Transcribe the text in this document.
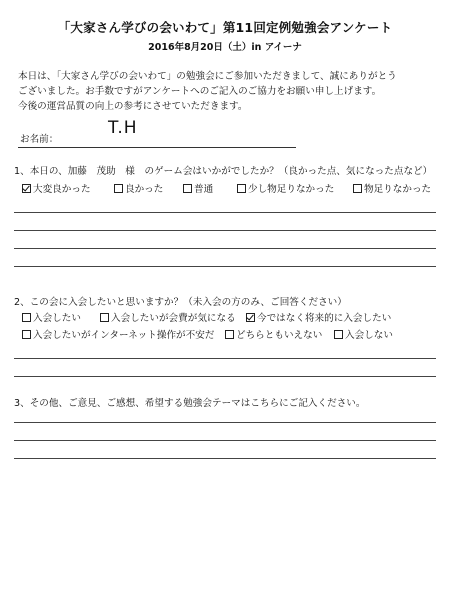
「大家さん学びの会いわて」第11回定例勉強会アンケート
2016年8月20日（土）in アイーナ
本日は、「大家さん学びの会いわて」の勉強会にご参加いただきまして、誠にありがとう
ございました。お手数ですがアンケートへのご記入のご協力をお願い申し上げます。
今後の運営品質の向上の参考にさせていただきます。
お名前：
T.H
1、本日の、加藤　茂助　様　のゲーム会はいかがでしたか？（良かった点、気になった点など）
大変良かった	良かった	普通	少し物足りなかった	物足りなかった
2、この会に入会したいと思いますか？（未入会の方のみ、ご回答ください）
入会したい	入会したいが会費が気になる	今ではなく将来的に入会したい
入会したいがインターネット操作が不安だ	どちらともいえない	入会しない
3、その他、ご意見、ご感想、希望する勉強会テーマはこちらにご記入ください。
